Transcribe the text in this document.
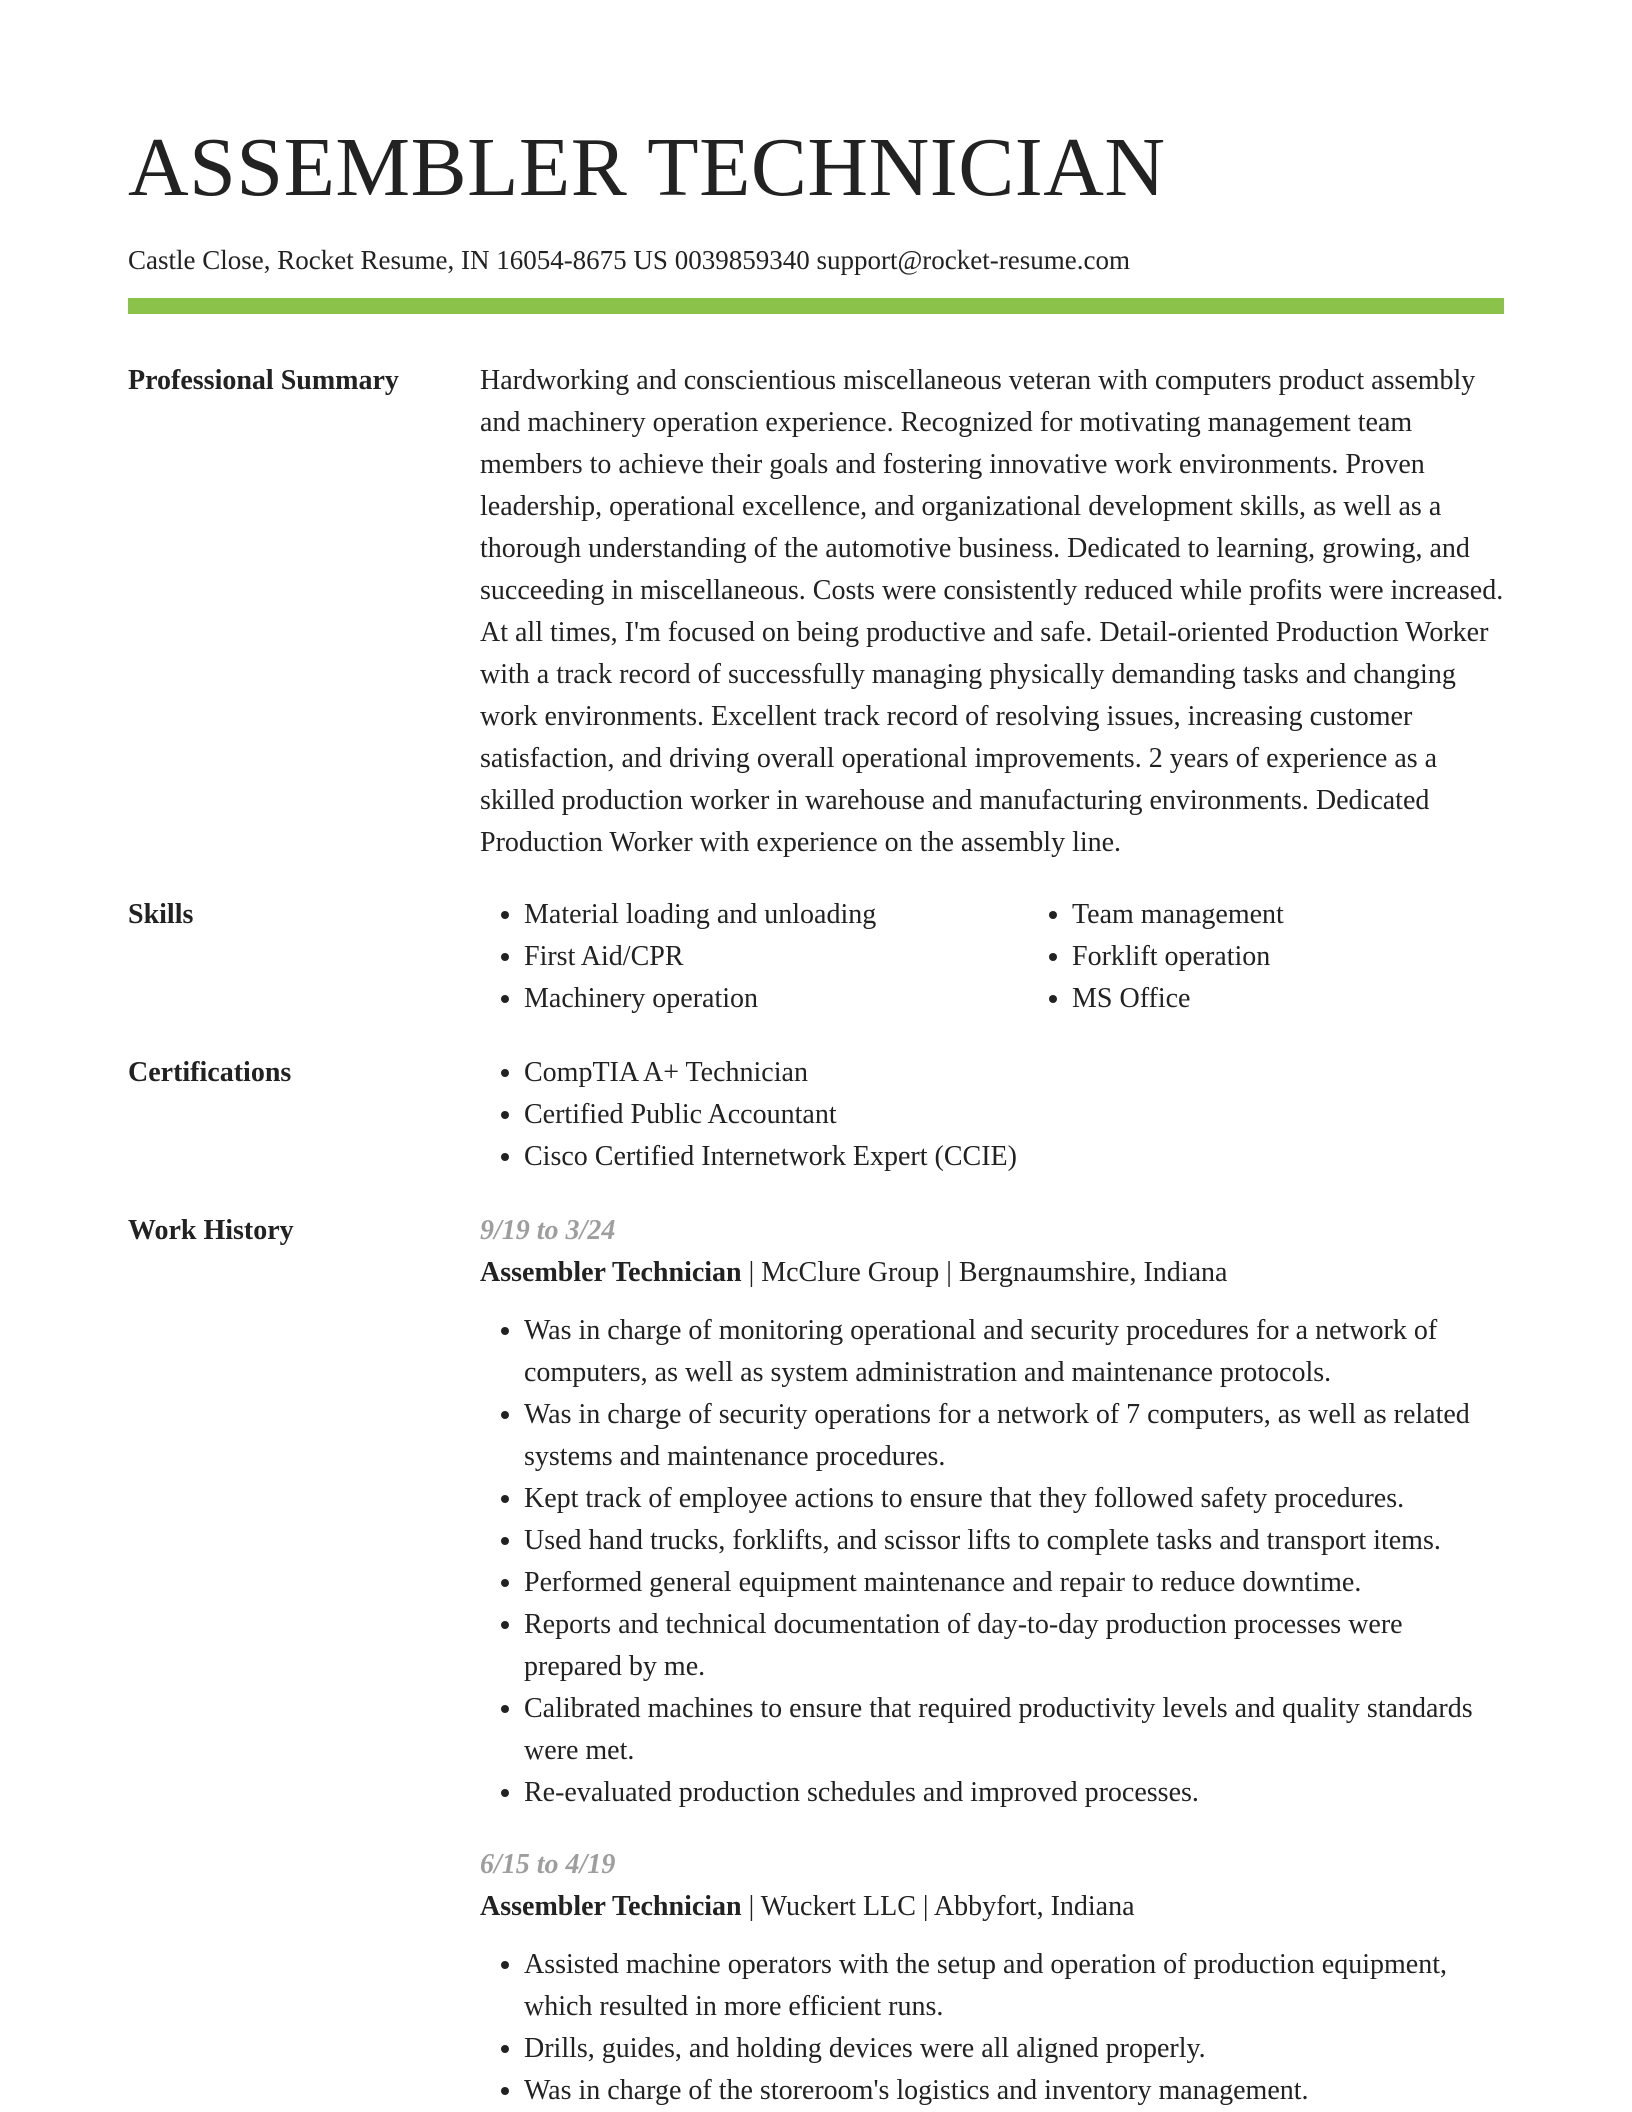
ASSEMBLER TECHNICIAN
Castle Close, Rocket Resume, IN 16054-8675 US 0039859340 support@rocket-resume.com
Professional Summary	Hardworking and conscientious miscellaneous veteran with computers product assembly and machinery operation experience. Recognized for motivating management team members to achieve their goals and fostering innovative work environments. Proven leadership, operational excellence, and organizational development skills, as well as a thorough understanding of the automotive business. Dedicated to learning, growing, and succeeding in miscellaneous. Costs were consistently reduced while profits were increased. At all times, I'm focused on being productive and safe. Detail-oriented Production Worker with a track record of successfully managing physically demanding tasks and changing work environments. Excellent track record of resolving issues, increasing customer satisfaction, and driving overall operational improvements. 2 years of experience as a skilled production worker in warehouse and manufacturing environments. Dedicated Production Worker with experience on the assembly line.

Skills	• Material loading and unloading
• First Aid/CPR
• Machinery operation
• Team management
• Forklift operation
• MS Office
Certifications	• CompTIA A+ Technician
• Certified Public Accountant
• Cisco Certified Internetwork Expert (CCIE)
Work History	9/19 to 3/24
Assembler Technician | McClure Group | Bergnaumshire, Indiana
• Was in charge of monitoring operational and security procedures for a network of computers, as well as system administration and maintenance protocols.
• Was in charge of security operations for a network of 7 computers, as well as related systems and maintenance procedures.
• Kept track of employee actions to ensure that they followed safety procedures.
• Used hand trucks, forklifts, and scissor lifts to complete tasks and transport items.
• Performed general equipment maintenance and repair to reduce downtime.
• Reports and technical documentation of day-to-day production processes were prepared by me.
• Calibrated machines to ensure that required productivity levels and quality standards were met.
• Re-evaluated production schedules and improved processes.
6/15 to 4/19
Assembler Technician | Wuckert LLC | Abbyfort, Indiana
• Assisted machine operators with the setup and operation of production equipment, which resulted in more efficient runs.
• Drills, guides, and holding devices were all aligned properly.
• Was in charge of the storeroom's logistics and inventory management.
